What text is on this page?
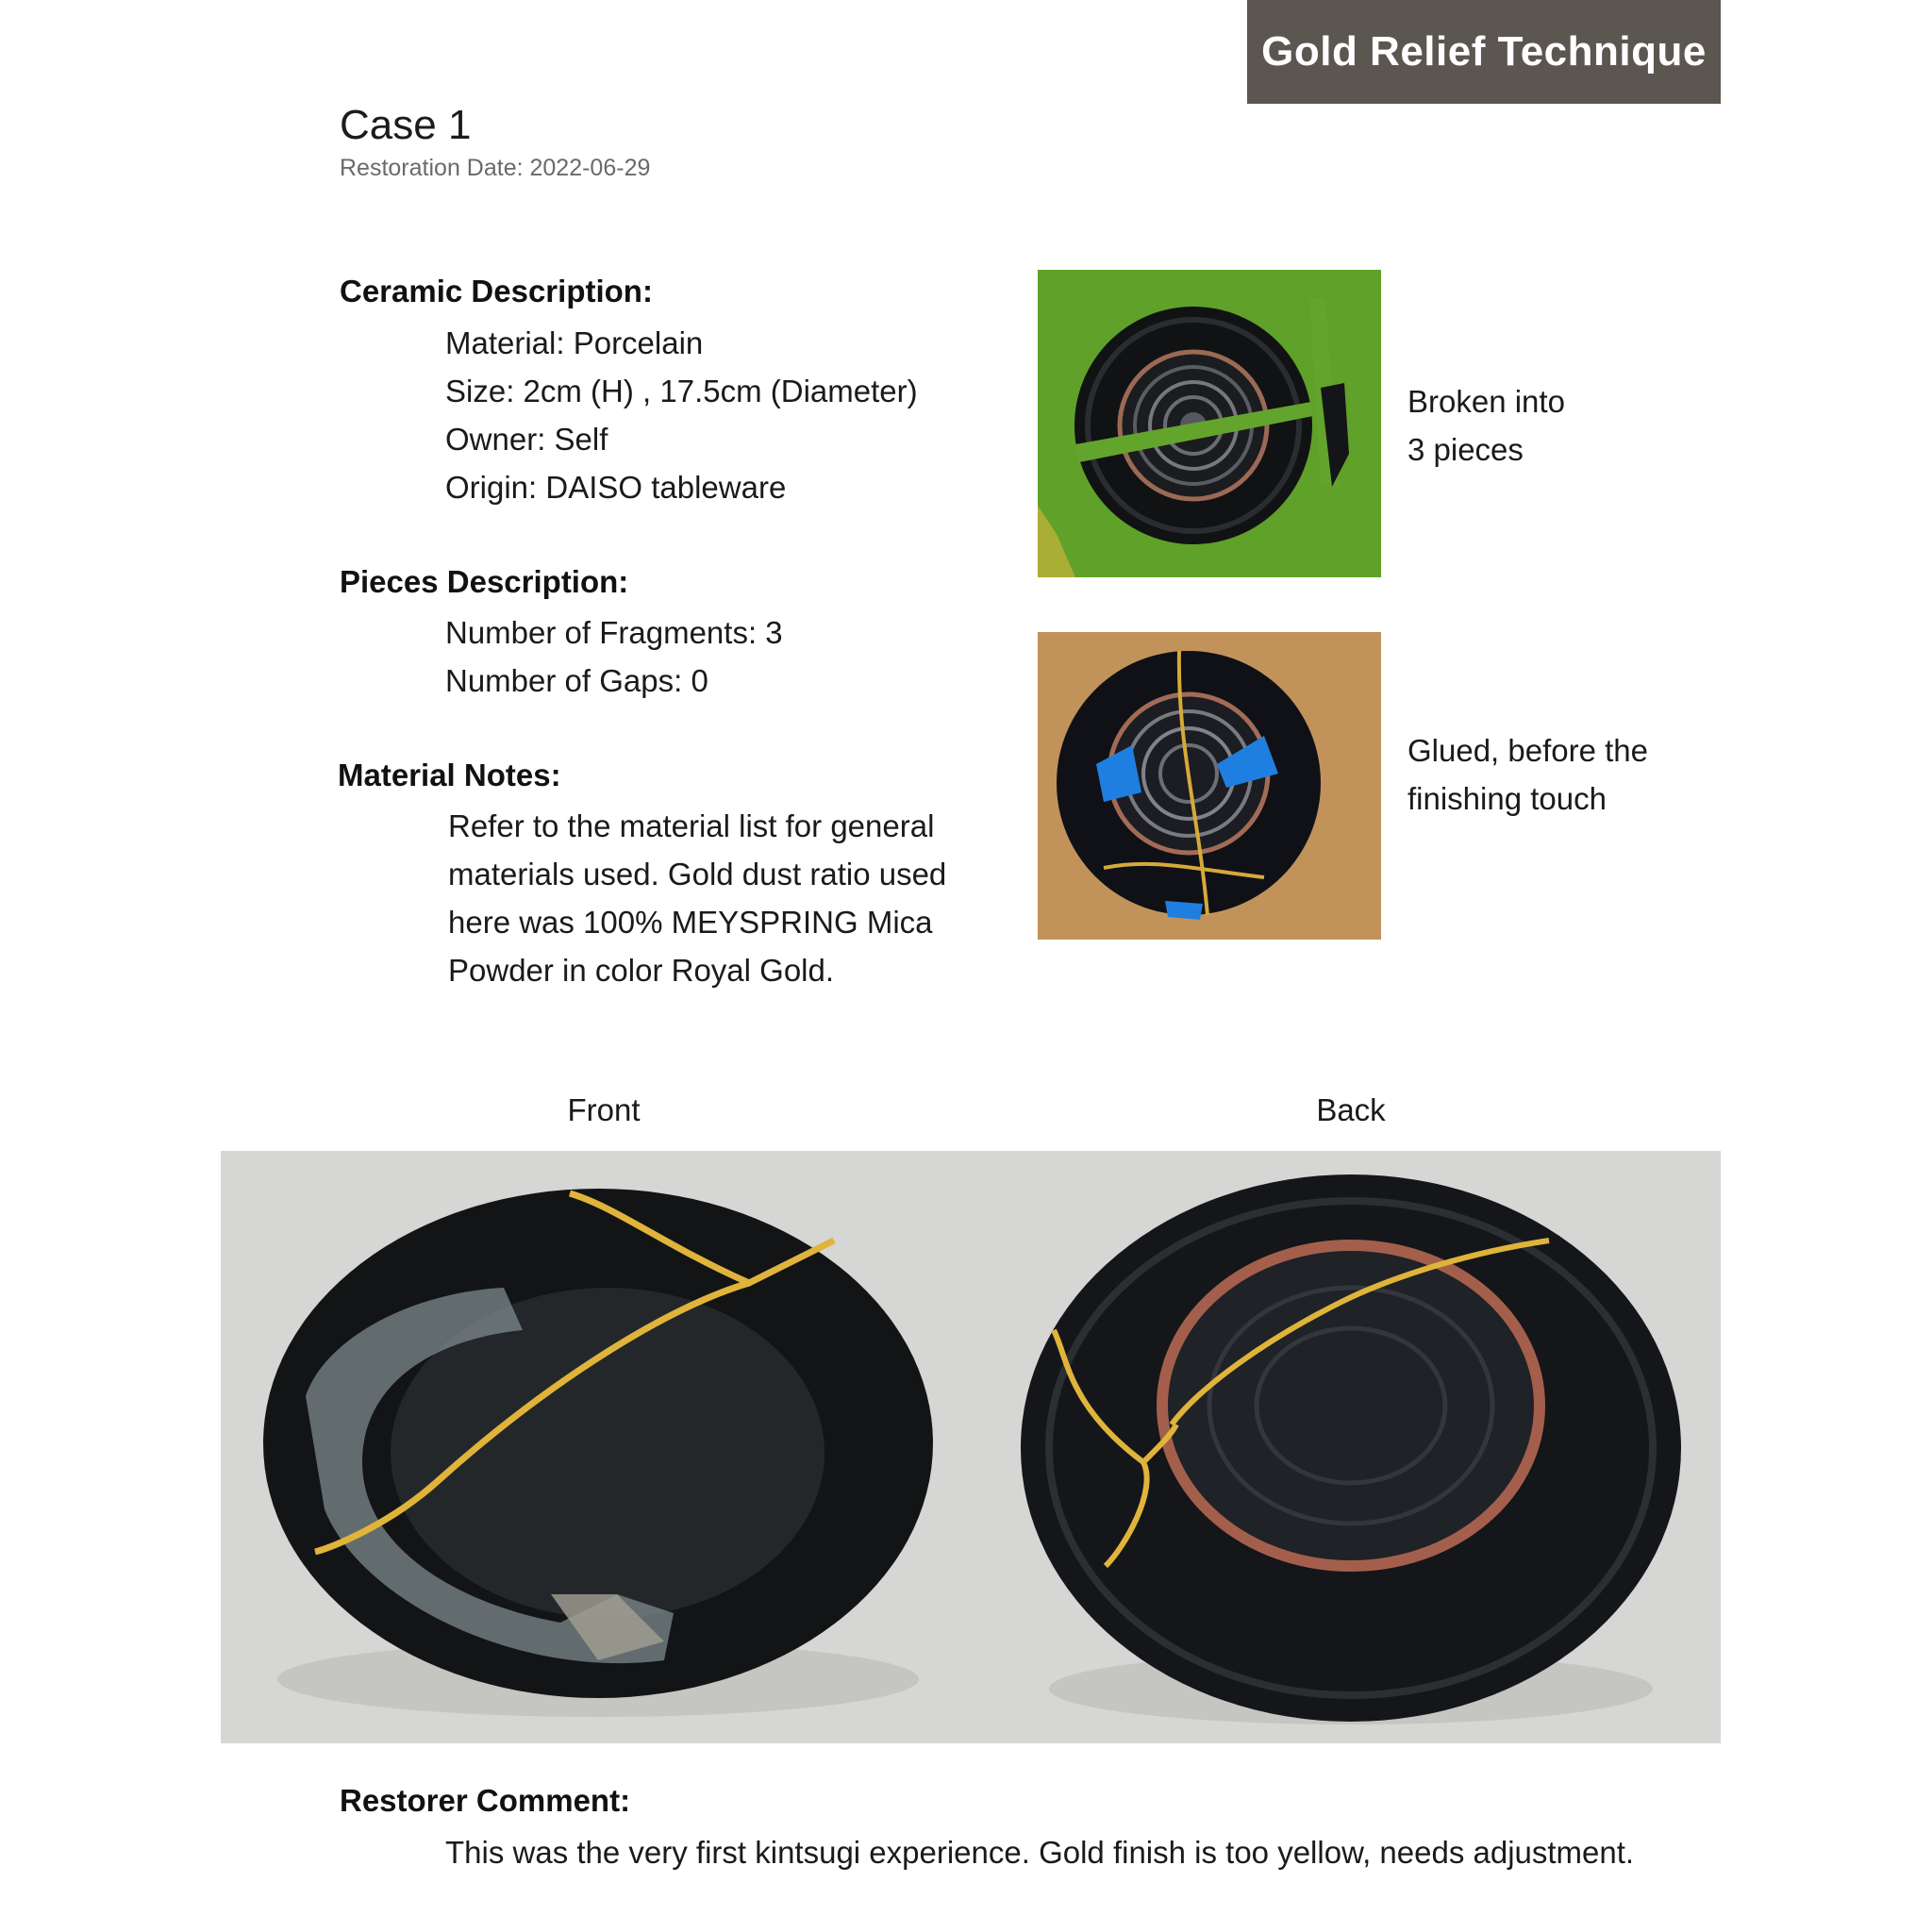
Gold Relief Technique
Case 1
Restoration Date: 2022-06-29
Ceramic Description:
Material: Porcelain
Size: 2cm (H) , 17.5cm (Diameter)
Owner: Self
Origin: DAISO tableware
Pieces Description:
Number of Fragments: 3
Number of Gaps: 0
Material Notes:
Refer to the material list for general
materials used. Gold dust ratio used
here was 100% MEYSPRING Mica
Powder in color Royal Gold.
Broken into
3 pieces
Glued, before the
finishing touch
Front	Back
Restorer Comment:
This was the very first kintsugi experience. Gold finish is too yellow, needs adjustment.
